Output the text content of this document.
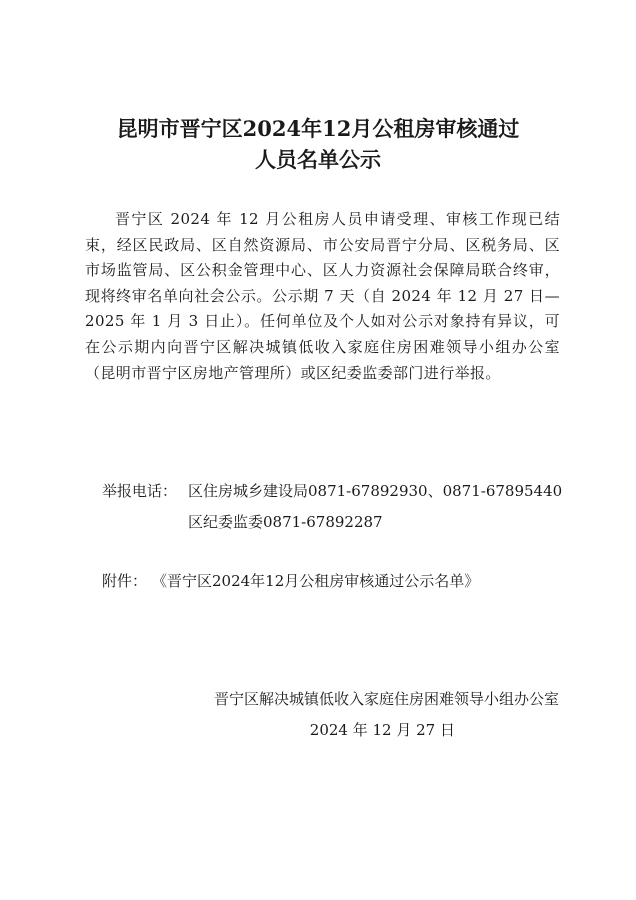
昆明市晋宁区2024年12月公租房审核通过
人员名单公示

晋宁区 2024 年 12 月公租房人员申请受理、审核工作现已结束，经区民政局、区自然资源局、市公安局晋宁分局、区税务局、区市场监管局、区公积金管理中心、区人力资源社会保障局联合终审，现将终审名单向社会公示。公示期 7 天（自 2024 年 12 月 27 日—2025 年 1 月 3 日止）。任何单位及个人如对公示对象持有异议，可在公示期内向晋宁区解决城镇低收入家庭住房困难领导小组办公室（昆明市晋宁区房地产管理所）或区纪委监委部门进行举报。

举报电话： 区住房城乡建设局0871-67892930、0871-67895440
区纪委监委0871-67892287
附件： 《晋宁区2024年12月公租房审核通过公示名单》
晋宁区解决城镇低收入家庭住房困难领导小组办公室
2024 年 12 月 27 日
